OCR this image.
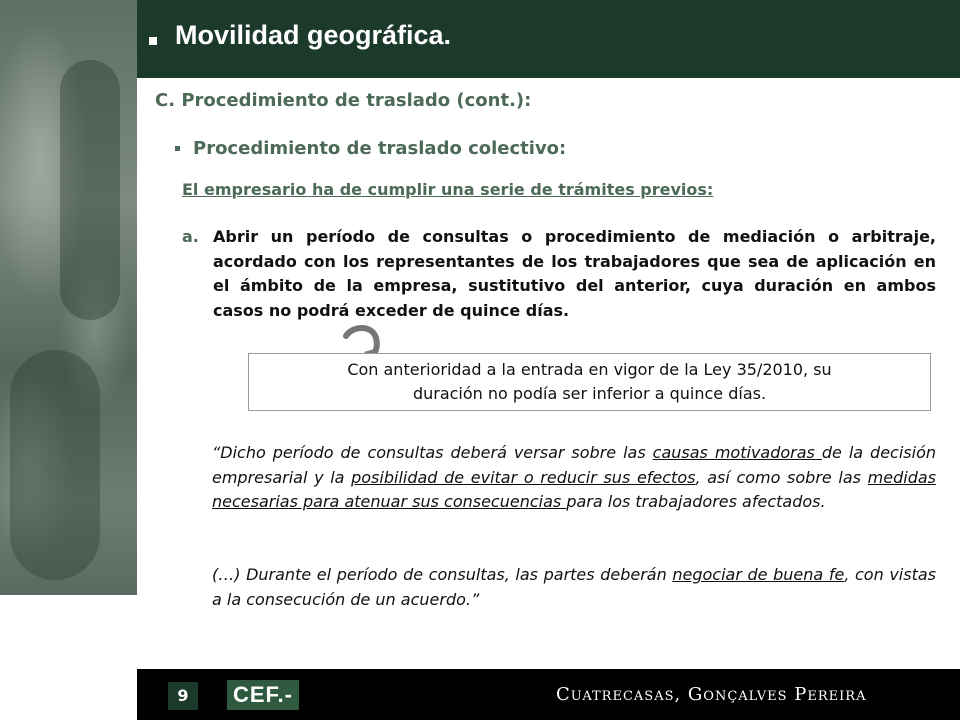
Movilidad geográfica.
C. Procedimiento de traslado (cont.):
Procedimiento de traslado colectivo:
El empresario ha de cumplir una serie de trámites previos:
a. Abrir un período de consultas o procedimiento de mediación o arbitraje, acordado con los representantes de los trabajadores que sea de aplicación en el ámbito de la empresa, sustitutivo del anterior, cuya duración en ambos casos no podrá exceder de quince días.
Con anterioridad a la entrada en vigor de la Ley 35/2010, su
duración no podía ser inferior a quince días.
“Dicho período de consultas deberá versar sobre las causas motivadoras de la decisión empresarial y la posibilidad de evitar o reducir sus efectos, así como sobre las medidas necesarias para atenuar sus consecuencias para los trabajadores afectados.
(…) Durante el período de consultas, las partes deberán negociar de buena fe, con vistas a la consecución de un acuerdo.”
9	CEF.-	Cuatrecasas, Gonçalves Pereira
